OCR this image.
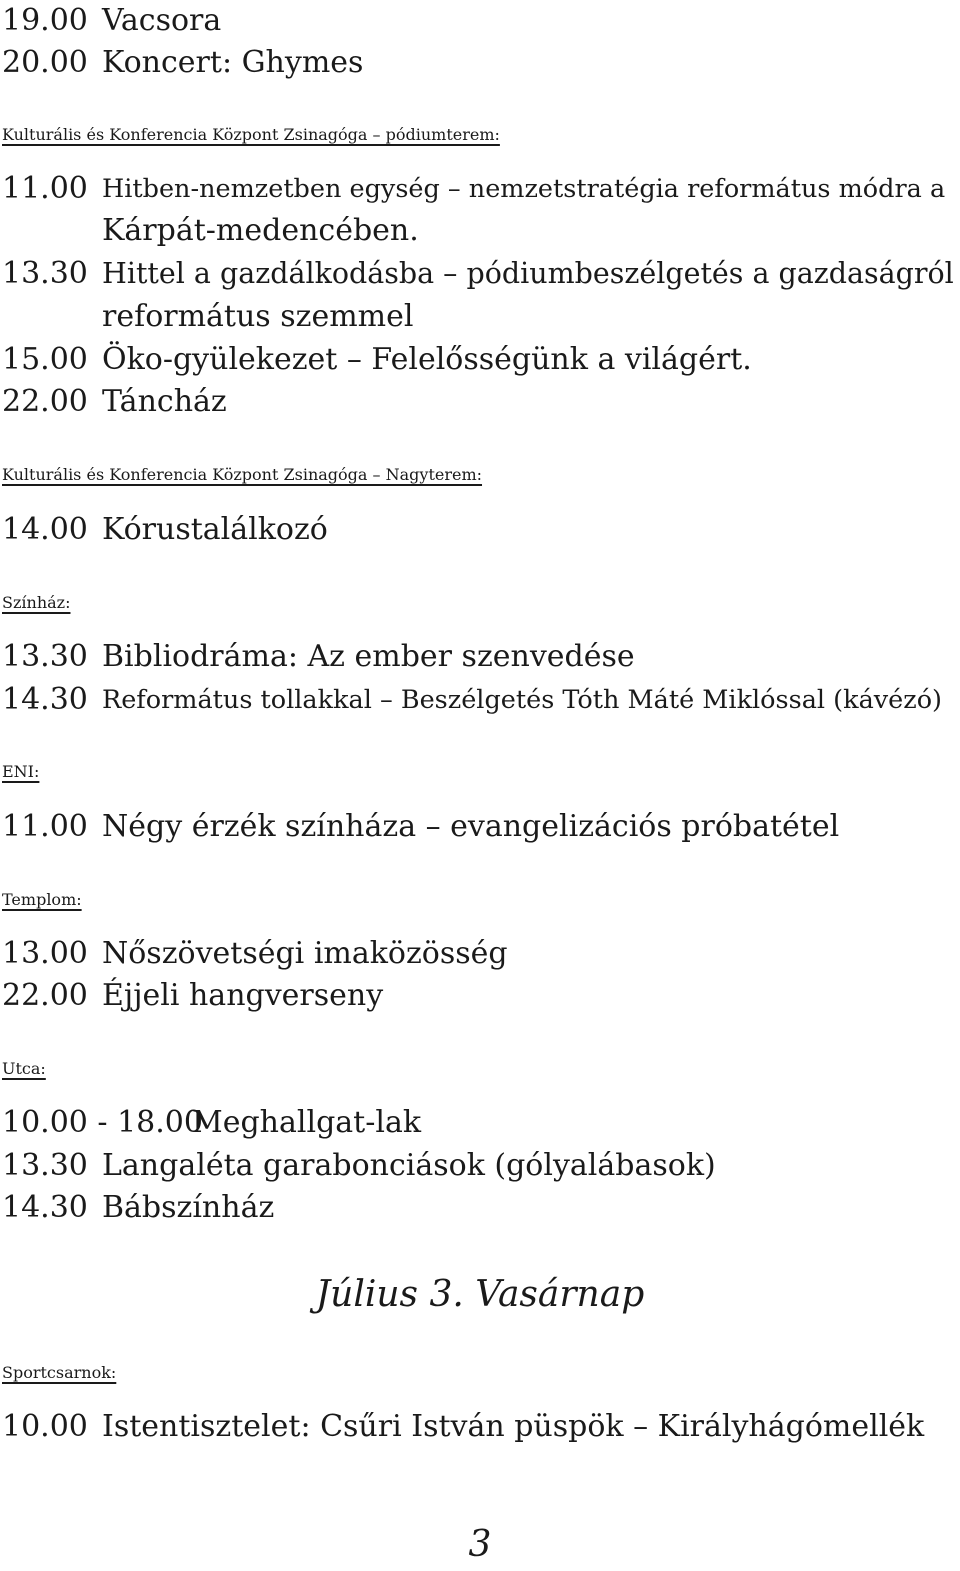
19.00 Vacsora
20.00 Koncert: Ghymes
Kulturális és Konferencia Központ Zsinagóga – pódiumterem:
11.00 Hitben-nemzetben egység – nemzetstratégia református módra a
Kárpát-medencében.
13.30 Hittel a gazdálkodásba – pódiumbeszélgetés a gazdaságról
református szemmel
15.00 Öko-gyülekezet – Felelősségünk a világért.
22.00 Táncház
Kulturális és Konferencia Központ Zsinagóga – Nagyterem:
14.00 Kórustalálkozó
Színház:
13.30 Bibliodráma: Az ember szenvedése
14.30 Református tollakkal – Beszélgetés Tóth Máté Miklóssal (kávézó)
ENI:
11.00 Négy érzék színháza – evangelizációs próbatétel
Templom:
13.00 Nőszövetségi imaközösség
22.00 Éjjeli hangverseny
Utca:
10.00 - 18.00
Meghallgat-lak
13.30 Langaléta garabonciások (gólyalábasok)
14.30 Bábszínház
Július 3. Vasárnap
Sportcsarnok:
10.00 Istentisztelet: Csűri István püspök – Királyhágómellék
3
